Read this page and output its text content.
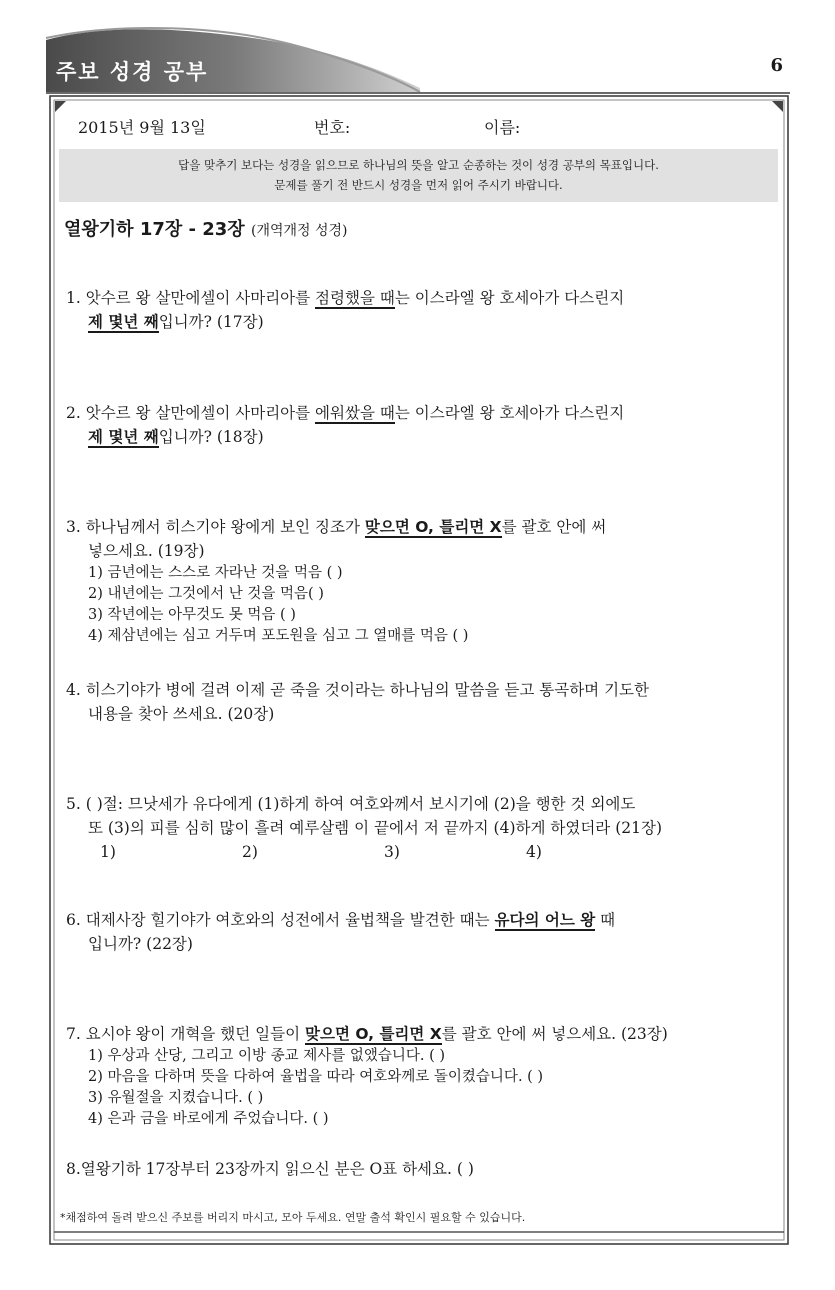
주보 성경 공부	6
2015년 9월 13일	번호:	이름:
답을 맞추기 보다는 성경을 읽으므로 하나님의 뜻을 알고 순종하는 것이 성경 공부의 목표입니다.
문제를 풀기 전 반드시 성경을 먼저 읽어 주시기 바랍니다.
열왕기하 17장 - 23장 (개역개정 성경)
1. 앗수르 왕 살만에셀이 사마리아를 점령했을 때는 이스라엘 왕 호세아가 다스린지
제 몇년 째입니까? (17장)
2. 앗수르 왕 살만에셀이 사마리아를 에워쌌을 때는 이스라엘 왕 호세아가 다스린지
제 몇년 째입니까? (18장)
3. 하나님께서 히스기야 왕에게 보인 징조가 맞으면 O, 틀리면 X를 괄호 안에 써
넣으세요. (19장)
1) 금년에는 스스로 자라난 것을 먹음 ( )
2) 내년에는 그것에서 난 것을 먹음( )
3) 작년에는 아무것도 못 먹음 ( )
4) 제삼년에는 심고 거두며 포도원을 심고 그 열매를 먹음 ( )
4. 히스기야가 병에 걸려 이제 곧 죽을 것이라는 하나님의 말씀을 듣고 통곡하며 기도한
내용을 찾아 쓰세요. (20장)
5. ( )절: 므낫세가 유다에게 (1)하게 하여 여호와께서 보시기에 (2)을 행한 것 외에도
또 (3)의 피를 심히 많이 흘려 예루살렘 이 끝에서 저 끝까지 (4)하게 하였더라 (21장)
1)	2)	3)	4)
6. 대제사장 힐기야가 여호와의 성전에서 율법책을 발견한 때는 유다의 어느 왕 때
입니까? (22장)
7. 요시야 왕이 개혁을 했던 일들이 맞으면 O, 틀리면 X를 괄호 안에 써 넣으세요. (23장)
1) 우상과 산당, 그리고 이방 종교 제사를 없앴습니다. ( )
2) 마음을 다하며 뜻을 다하여 율법을 따라 여호와께로 돌이켰습니다. ( )
3) 유월절을 지켰습니다. ( )
4) 은과 금을 바로에게 주었습니다. ( )
8.열왕기하 17장부터 23장까지 읽으신 분은 O표 하세요. ( )
*채점하여 돌려 받으신 주보를 버리지 마시고, 모아 두세요. 연말 출석 확인시 필요할 수 있습니다.
